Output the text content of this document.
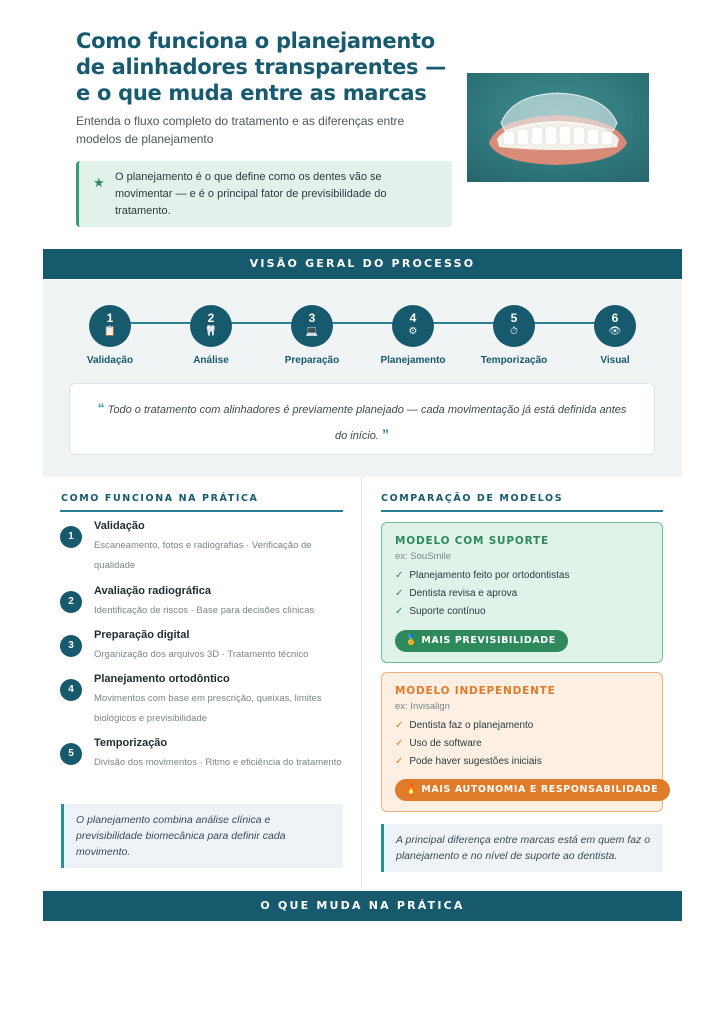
Como funciona o planejamento de alinhadores transparentes — e o que muda entre as marcas
Entenda o fluxo completo do tratamento e as diferenças entre modelos de planejamento
★ O planejamento é o que define como os dentes vão se movimentar — e é o principal fator de previsibilidade do tratamento.
VISÃO GERAL DO PROCESSO
1
📋
Validação
2
🦷
Análise
3
💻
Preparação
4
⚙
Planejamento
5
⏱
Temporização
6
👁
Visual
“ Todo o tratamento com alinhadores é previamente planejado — cada movimentação já está definida antes do início. ”
COMO FUNCIONA NA PRÁTICA
1
Validação
Escaneamento, fotos e radiografias · Verificação de qualidade
2
Avaliação radiográfica
Identificação de riscos · Base para decisões clínicas
3
Preparação digital
Organização dos arquivos 3D · Tratamento técnico
4
Planejamento ortodôntico
Movimentos com base em prescrição, queixas, limites biológicos e previsibilidade
5
Temporização
Divisão dos movimentos · Ritmo e eficiência do tratamento
O planejamento combina análise clínica e previsibilidade biomecânica para definir cada movimento.
COMPARAÇÃO DE MODELOS
MODELO COM SUPORTE
ex: SouSmile
✓ Planejamento feito por ortodontistas
✓ Dentista revisa e aprova
✓ Suporte contínuo
🏅 MAIS PREVISIBILIDADE
MODELO INDEPENDENTE
ex: Invisalign
✓ Dentista faz o planejamento
✓ Uso de software
✓ Pode haver sugestões iniciais
🔥 MAIS AUTONOMIA E RESPONSABILIDADE
A principal diferença entre marcas está em quem faz o planejamento e no nível de suporte ao dentista.
O QUE MUDA NA PRÁTICA
